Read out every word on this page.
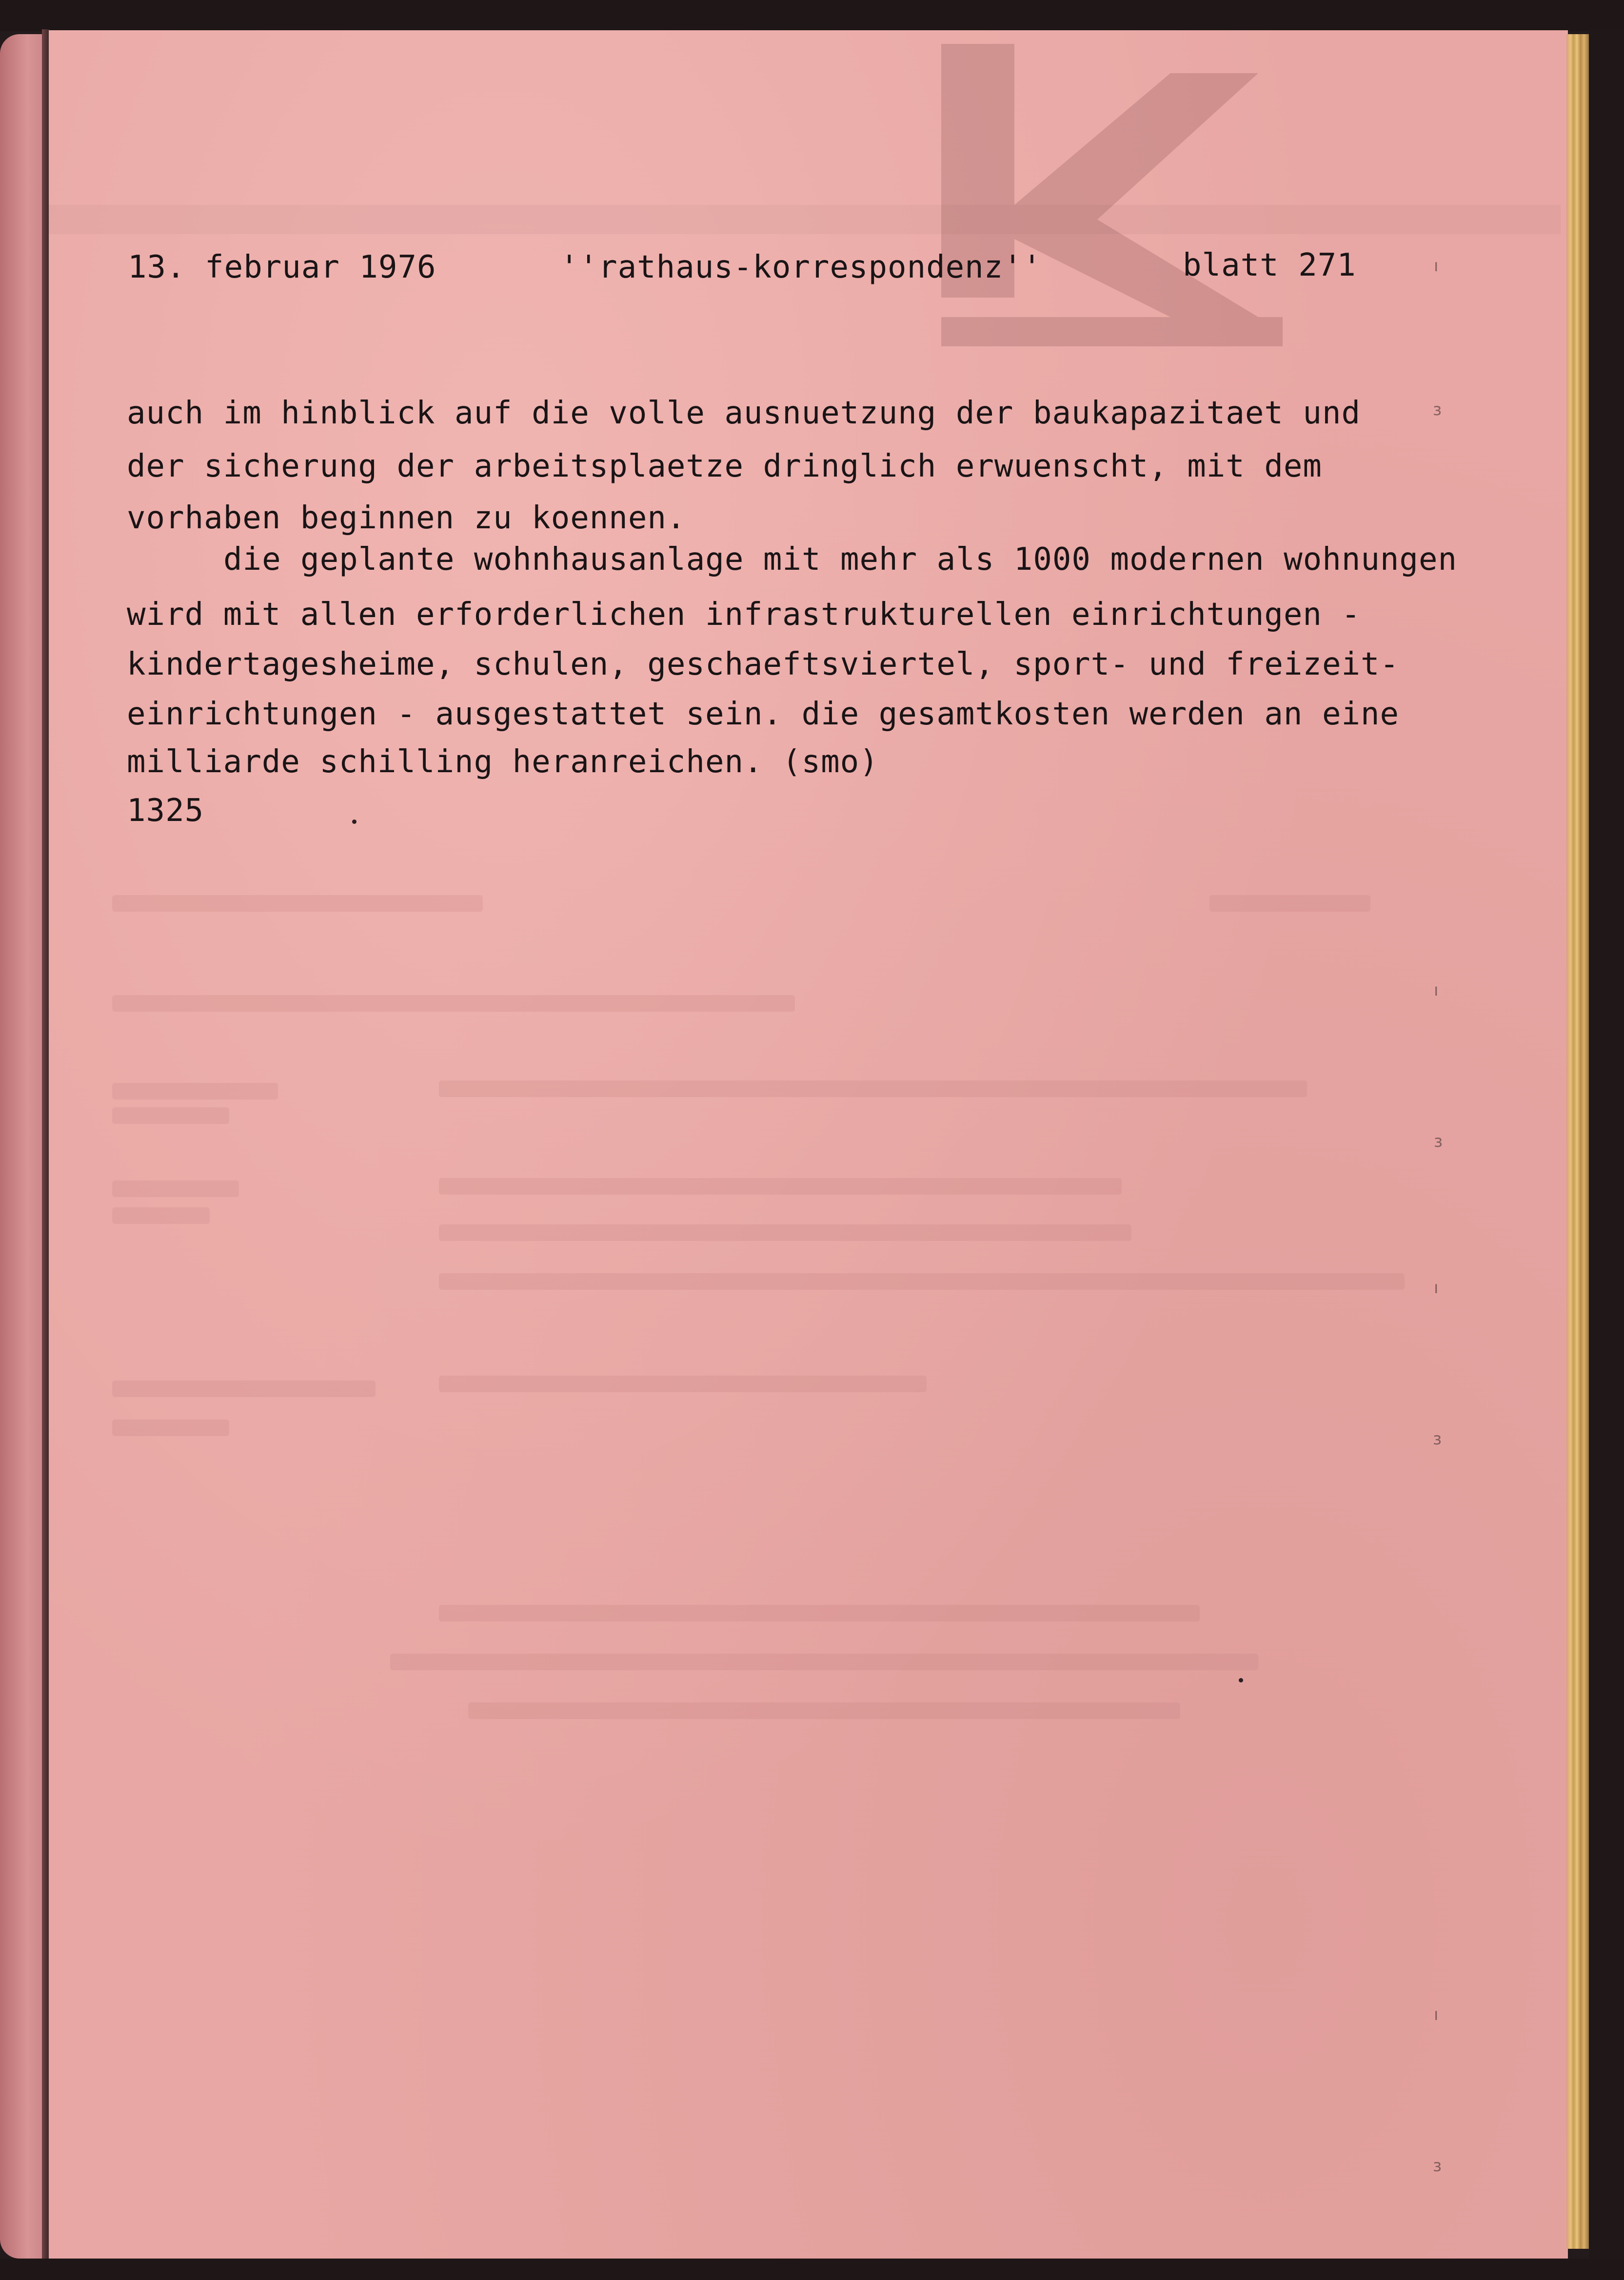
13. februar 1976	''rathaus-korrespondenz''	blatt 271
auch im hinblick auf die volle ausnuetzung der baukapazitaet und
der sicherung der arbeitsplaetze dringlich erwuenscht, mit dem
vorhaben beginnen zu koennen.
die geplante wohnhausanlage mit mehr als 1000 modernen wohnungen
wird mit allen erforderlichen infrastrukturellen einrichtungen -
kindertagesheime, schulen, geschaeftsviertel, sport- und freizeit-
einrichtungen - ausgestattet sein. die gesamtkosten werden an eine
milliarde schilling heranreichen. (smo)
1325
ı
з
ı
з
ı
з
ı
з
